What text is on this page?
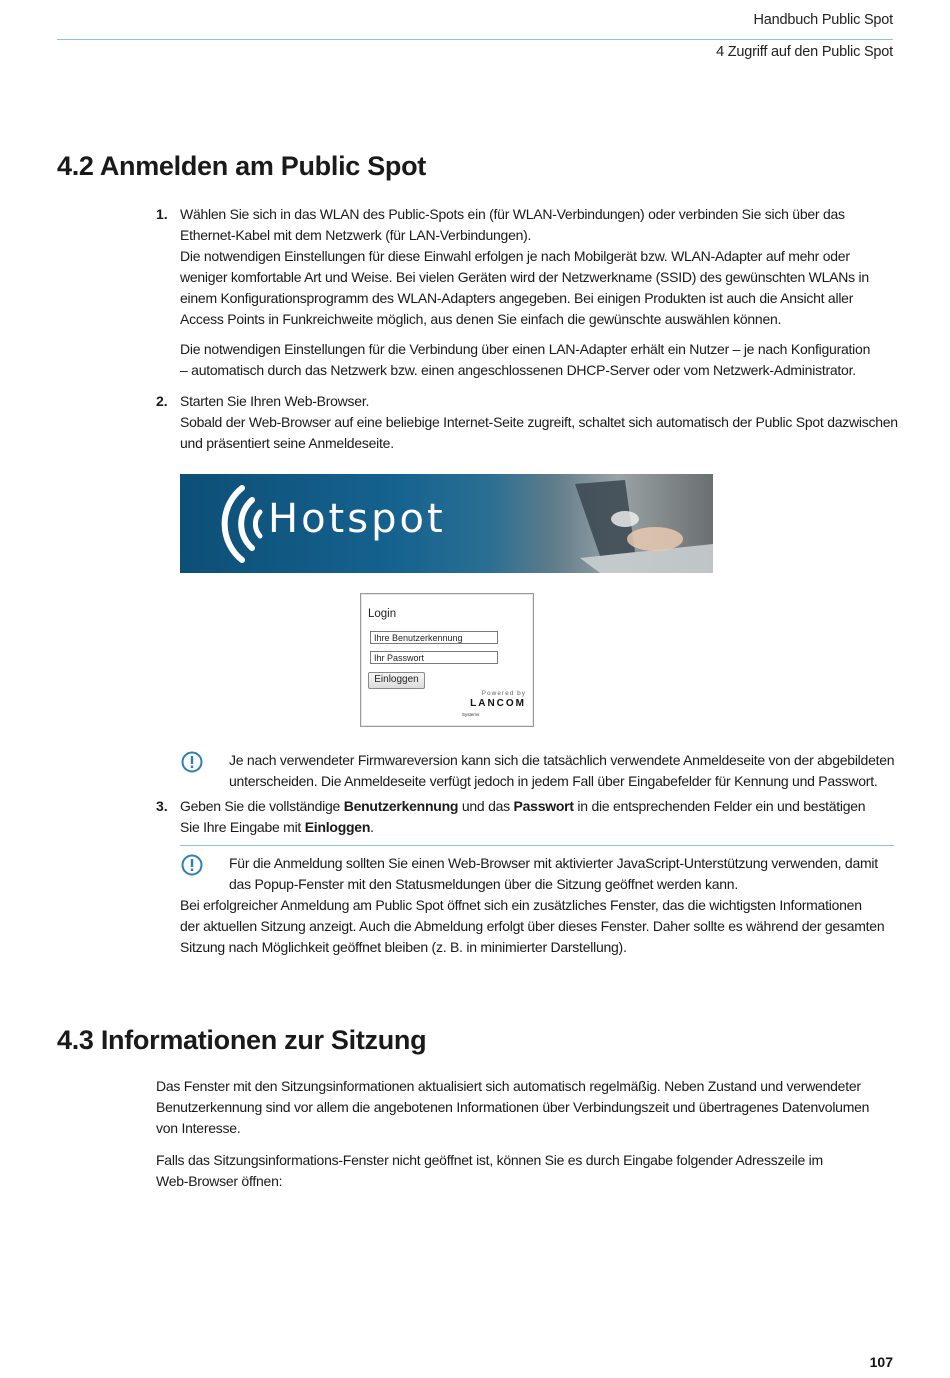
Handbuch Public Spot
4 Zugriff auf den Public Spot
4.2 Anmelden am Public Spot
1. Wählen Sie sich in das WLAN des Public-Spots ein (für WLAN-Verbindungen) oder verbinden Sie sich über das

Ethernet-Kabel mit dem Netzwerk (für LAN-Verbindungen).

Die notwendigen Einstellungen für diese Einwahl erfolgen je nach Mobilgerät bzw. WLAN-Adapter auf mehr oder

weniger komfortable Art und Weise. Bei vielen Geräten wird der Netzwerkname (SSID) des gewünschten WLANs in

einem Konfigurationsprogramm des WLAN-Adapters angegeben. Bei einigen Produkten ist auch die Ansicht aller

Access Points in Funkreichweite möglich, aus denen Sie einfach die gewünschte auswählen können.

Die notwendigen Einstellungen für die Verbindung über einen LAN-Adapter erhält ein Nutzer – je nach Konfiguration

– automatisch durch das Netzwerk bzw. einen angeschlossenen DHCP-Server oder vom Netzwerk-Administrator.

2. Starten Sie Ihren Web-Browser.

Sobald der Web-Browser auf eine beliebige Internet-Seite zugreift, schaltet sich automatisch der Public Spot dazwischen

und präsentiert seine Anmeldeseite.

Hotspot
Login
Ihre Benutzerkennung
Ihr Passwort
Einloggen
Powered by
LANCOM
Systems

Je nach verwendeter Firmwareversion kann sich die tatsächlich verwendete Anmeldeseite von der abgebildeten

unterscheiden. Die Anmeldeseite verfügt jedoch in jedem Fall über Eingabefelder für Kennung und Passwort.

3. Geben Sie die vollständige Benutzerkennung und das Passwort in die entsprechenden Felder ein und bestätigen

Sie Ihre Eingabe mit Einloggen.

Für die Anmeldung sollten Sie einen Web-Browser mit aktivierter JavaScript-Unterstützung verwenden, damit

das Popup-Fenster mit den Statusmeldungen über die Sitzung geöffnet werden kann.

Bei erfolgreicher Anmeldung am Public Spot öffnet sich ein zusätzliches Fenster, das die wichtigsten Informationen

der aktuellen Sitzung anzeigt. Auch die Abmeldung erfolgt über dieses Fenster. Daher sollte es während der gesamten

Sitzung nach Möglichkeit geöffnet bleiben (z. B. in minimierter Darstellung).

4.3 Informationen zur Sitzung

Das Fenster mit den Sitzungsinformationen aktualisiert sich automatisch regelmäßig. Neben Zustand und verwendeter

Benutzerkennung sind vor allem die angebotenen Informationen über Verbindungszeit und übertragenes Datenvolumen

von Interesse.

Falls das Sitzungsinformations-Fenster nicht geöffnet ist, können Sie es durch Eingabe folgender Adresszeile im

Web-Browser öffnen:

107
